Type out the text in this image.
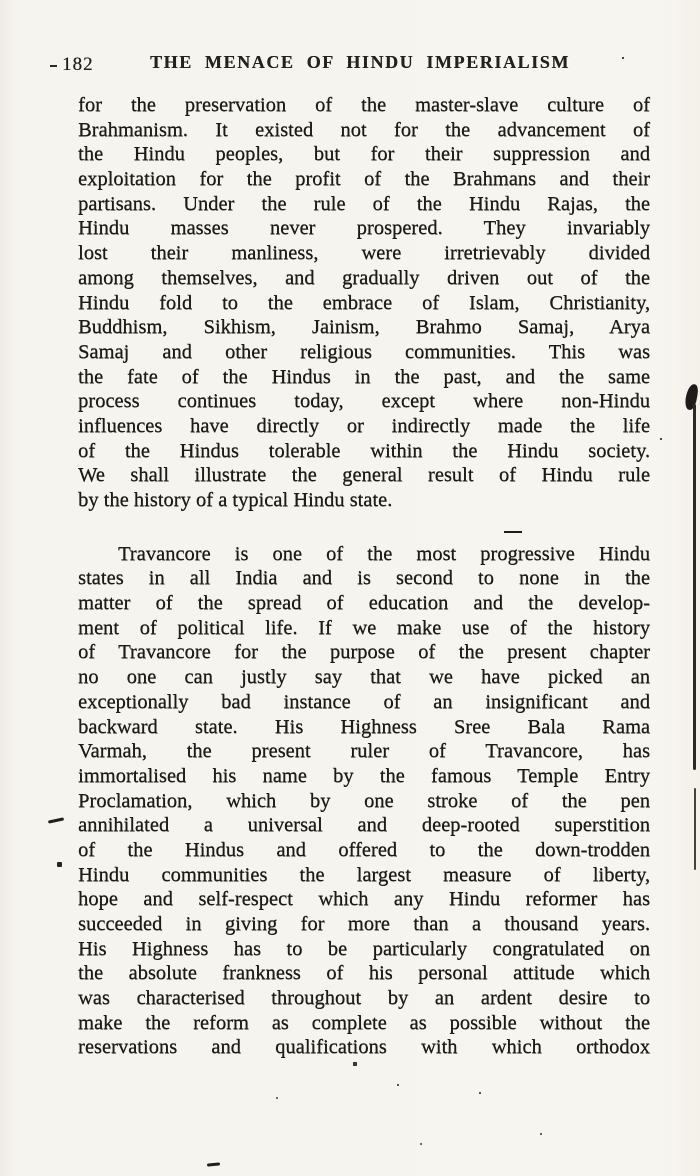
182	THE MENACE OF HINDU IMPERIALISM
for the preservation of the master-slave culture of
Brahmanism. It existed not for the advancement of
the Hindu peoples, but for their suppression and
exploitation for the profit of the Brahmans and their
partisans. Under the rule of the Hindu Rajas, the
Hindu masses never prospered. They invariably
lost their manliness, were irretrievably divided
among themselves, and gradually driven out of the
Hindu fold to the embrace of Islam, Christianity,
Buddhism, Sikhism, Jainism, Brahmo Samaj, Arya
Samaj and other religious communities. This was
the fate of the Hindus in the past, and the same
process continues today, except where non-Hindu
influences have directly or indirectly made the life
of the Hindus tolerable within the Hindu society.
We shall illustrate the general result of Hindu rule
by the history of a typical Hindu state.
Travancore is one of the most progressive Hindu
states in all India and is second to none in the
matter of the spread of education and the develop-
ment of political life. If we make use of the history
of Travancore for the purpose of the present chapter
no one can justly say that we have picked an
exceptionally bad instance of an insignificant and
backward state. His Highness Sree Bala Rama
Varmah, the present ruler of Travancore, has
immortalised his name by the famous Temple Entry
Proclamation, which by one stroke of the pen
annihilated a universal and deep-rooted superstition
of the Hindus and offered to the down-trodden
Hindu communities the largest measure of liberty,
hope and self-respect which any Hindu reformer has
succeeded in giving for more than a thousand years.
His Highness has to be particularly congratulated on
the absolute frankness of his personal attitude which
was characterised throughout by an ardent desire to
make the reform as complete as possible without the
reservations and qualifications with which orthodox
